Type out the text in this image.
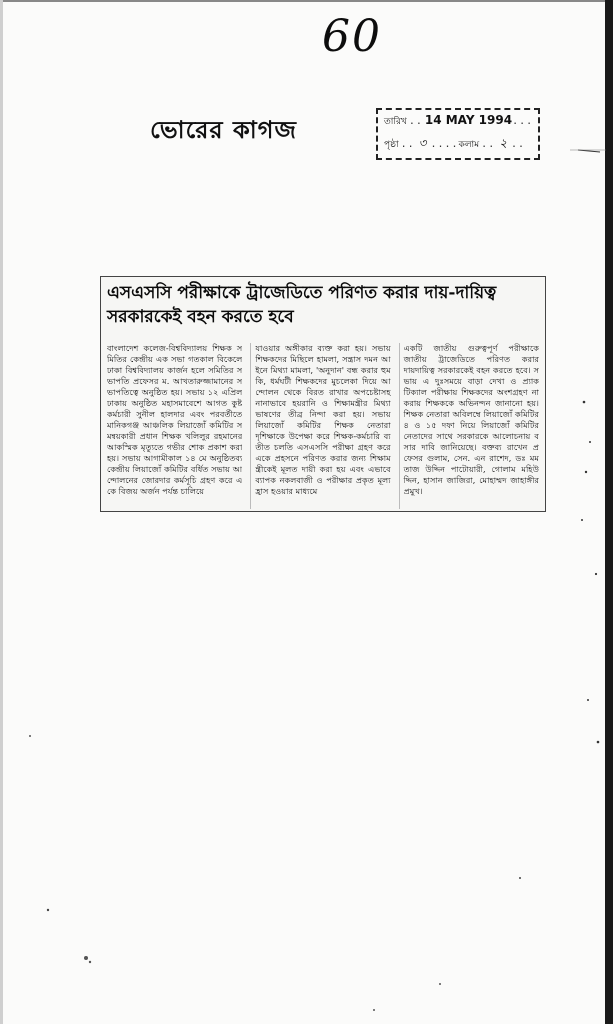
60
ভোরের কাগজ	তারিখ .. 14 MAY 1994 ...
পৃষ্ঠা .. ৩ .... কলাম .. ২ ..
এসএসসি পরীক্ষাকে ট্রাজেডিতে পরিণত করার দায়-দায়িত্ব সরকারকেই বহন করতে হবে
বাংলাদেশ কলেজ-বিশ্ববিদ্যালয় শিক্ষক সমিতির কেন্দ্রীয় এক সভা গতকাল বিকেলে ঢাকা বিশ্ববিদ্যালয় কার্জন হলে সমিতির সভাপতি প্রফেসর ম. আখতারুজ্জামানের সভাপতিত্বে অনুষ্ঠিত হয়। সভায় ১২ এপ্রিল ঢাকায় অনুষ্ঠিত মহাসমাবেশে আগত কুষ্ট কর্মচারী সুনীল হালদার এবং পরবর্তীতে মানিকগঞ্জ আঞ্চলিক লিয়াজোঁ কমিটির সমন্বয়কারী প্রধান শিক্ষক খলিলুর রহমানের আকস্মিক মৃত্যুতে গভীর শোক প্রকাশ করা হয়। সভায় আগামীকাল ১৪ মে অনুষ্ঠিতব্য কেন্দ্রীয় লিয়াজোঁ কমিটির বর্ধিত সভায় আন্দোলনের জোরদার কর্মসূচি গ্রহণ করে একে বিজয় অর্জন পর্যন্ত চালিয়ে
যাওয়ার অঙ্গীকার ব্যক্ত করা হয়। সভায় শিক্ষকদের মিছিলে হামলা, সন্ত্রাস দমন আইনে মিথ্যা মামলা, 'অনুদান' বন্ধ করার হুমকি, ধর্মঘটী শিক্ষকদের মুচলেকা দিয়ে আন্দোলন থেকে বিরত রাখার অপচেষ্টাসহ নানাভাবে হয়রানি ও শিক্ষামন্ত্রীর মিথ্যা ভাষণের তীব্র নিন্দা করা হয়। সভায় লিয়াজোঁ কমিটির শিক্ষক নেতারা দৃশিক্ষাকে উপেক্ষা করে শিক্ষক-কর্মচারি ব্যতীত চলতি এসএসসি পরীক্ষা গ্রহণ করে একে প্রহসনে পরিণত করার জন্য শিক্ষামন্ত্রীকেই মূলত দায়ী করা হয় এবং এভাবে ব্যাপক নকলবাজী ও পরীক্ষার প্রকৃত মূল্য হ্রাস হওয়ার মাধ্যমে
একটি জাতীয় গুরুত্বপূর্ণ পরীক্ষাকে জাতীয় ট্রাজেডিতে পরিণত করার দায়দায়িত্ব সরকারকেই বহন করতে হবে। সভায় এ দুঃসময়ে বাড়া দেখা ও প্র্যাকটিক্যাল পরীক্ষায় শিক্ষকদের অংশগ্রহণ না করায় শিক্ষককে অভিনন্দন জানানো হয়। শিক্ষক নেতারা অবিলম্বে লিয়াজোঁ কমিটির ৪ ও ১৫ দফা নিয়ে লিয়াজোঁ কমিটির নেতাদের সাথে সরকারকে আলোচনায় বসার দাবি জানিয়েছে। বক্তব্য রাখেন প্রফেসর গুলাম, সেন. এন রাশেদ, ডঃ মমতাজ উদ্দিন পাটোয়ারী, গোলাম মহিউদ্দিন, হাসান জাজিরা, মোহাম্মদ জাহাঙ্গীর প্রমুখ।
